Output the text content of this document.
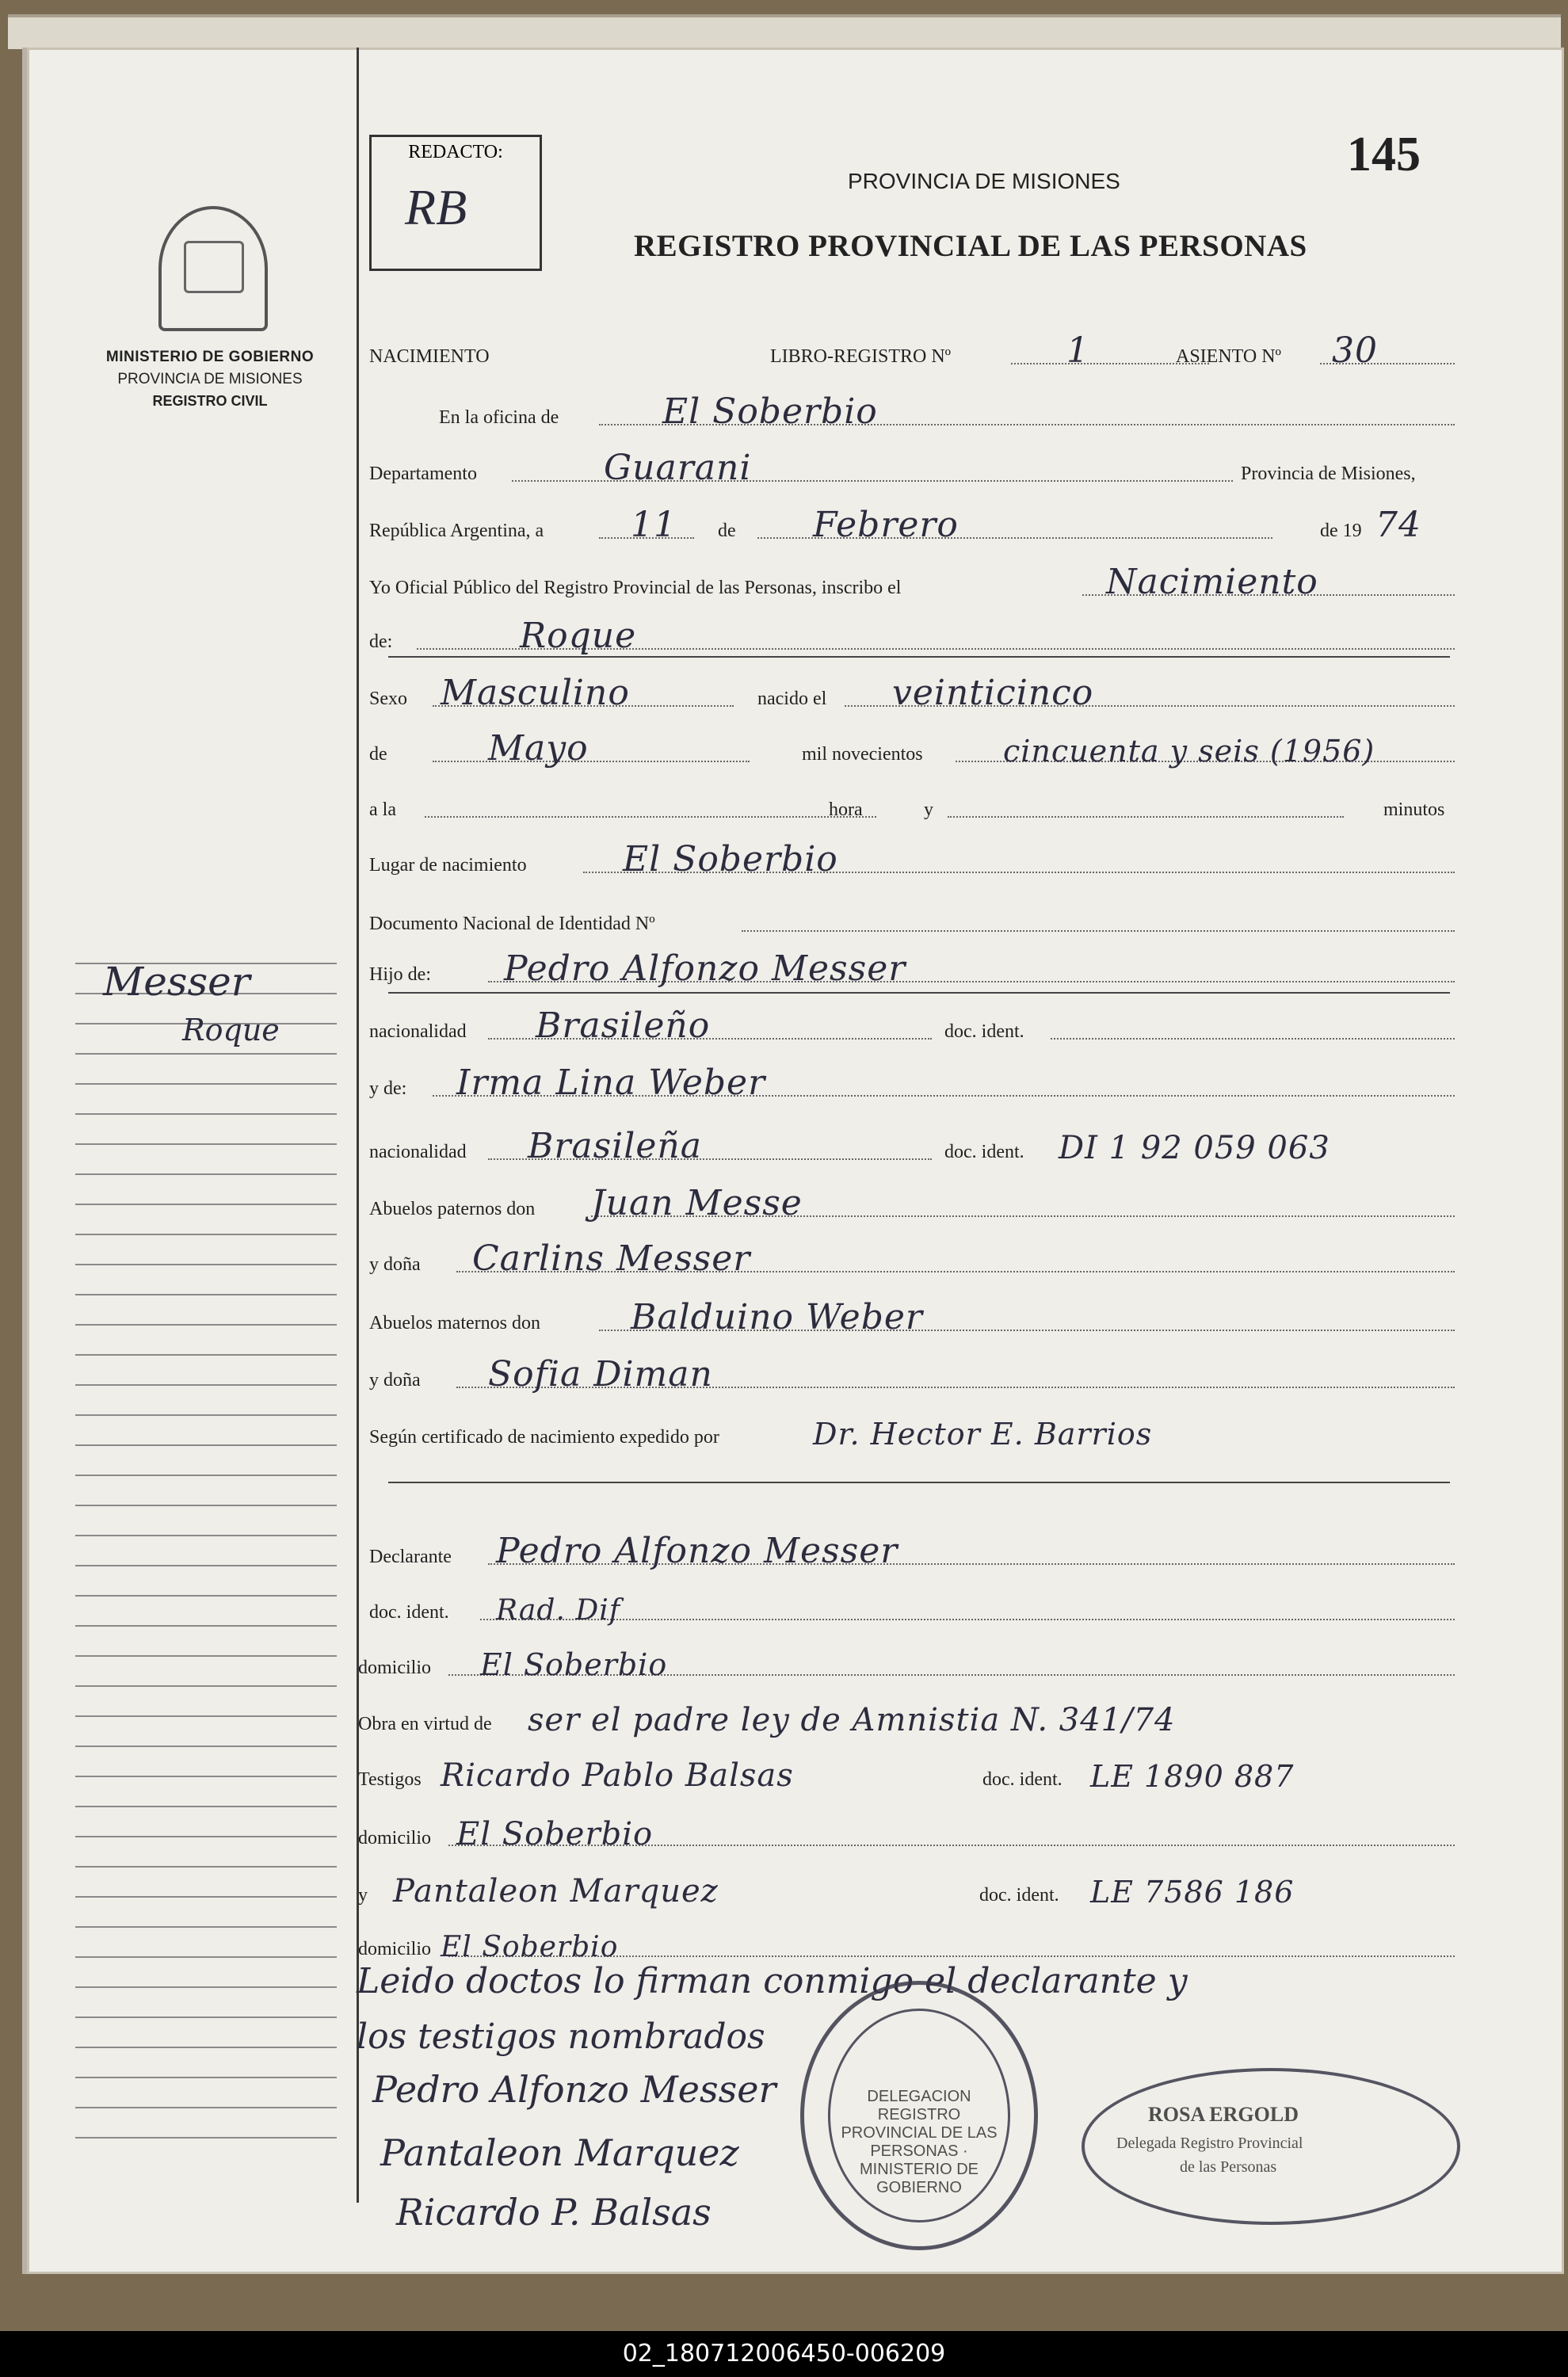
MINISTERIO DE GOBIERNO
PROVINCIA DE MISIONES
REGISTRO CIVIL
Messer
Roque
REDACTO:
RB
145
PROVINCIA DE MISIONES
REGISTRO PROVINCIAL DE LAS PERSONAS
NACIMIENTO	LIBRO-REGISTRO Nº	1	ASIENTO Nº 30
En la oficina de	El Soberbio
Departamento	Guarani	Provincia de Misiones,
República Argentina, a 11 de Febrero	de 19 74
Yo Oficial Público del Registro Provincial de las Personas, inscribo el	Nacimiento
de:	Roque
Sexo Masculino	nacido el veinticinco
de	Mayo	mil novecientos	cincuenta y seis (1956)
a la	hora	y	minutos
Lugar de nacimiento	El Soberbio
Documento Nacional de Identidad Nº
Hijo de: Pedro Alfonzo Messer
nacionalidad Brasileño	doc. ident.
y de: Irma Lina Weber
nacionalidad Brasileña	doc. ident. DI 1 92 059 063
Abuelos paternos don Juan Messe
y doña Carlins Messer
Abuelos maternos don	Balduino Weber
y doña Sofia Diman
Según certificado de nacimiento expedido por	Dr. Hector E. Barrios
Declarante Pedro Alfonzo Messer
doc. ident. Rad. Dif
domicilio El Soberbio
Obra en virtud de ser el padre ley de Amnistia N. 341/74
Testigos Ricardo Pablo Balsas	doc. ident. LE 1890 887
domicilio El Soberbio
y Pantaleon Marquez	doc. ident. LE 7586 186
domicilio El Soberbio
Leido doctos lo firman conmigo el declarante y
los testigos nombrados
DELEGACION REGISTRO PROVINCIAL DE LAS PERSONAS · MINISTERIO DE GOBIERNO
ROSA ERGOLD
Delegada Registro Provincial
de las Personas
Pedro Alfonzo Messer
Pantaleon Marquez
Ricardo P. Balsas
02_180712006450-006209
